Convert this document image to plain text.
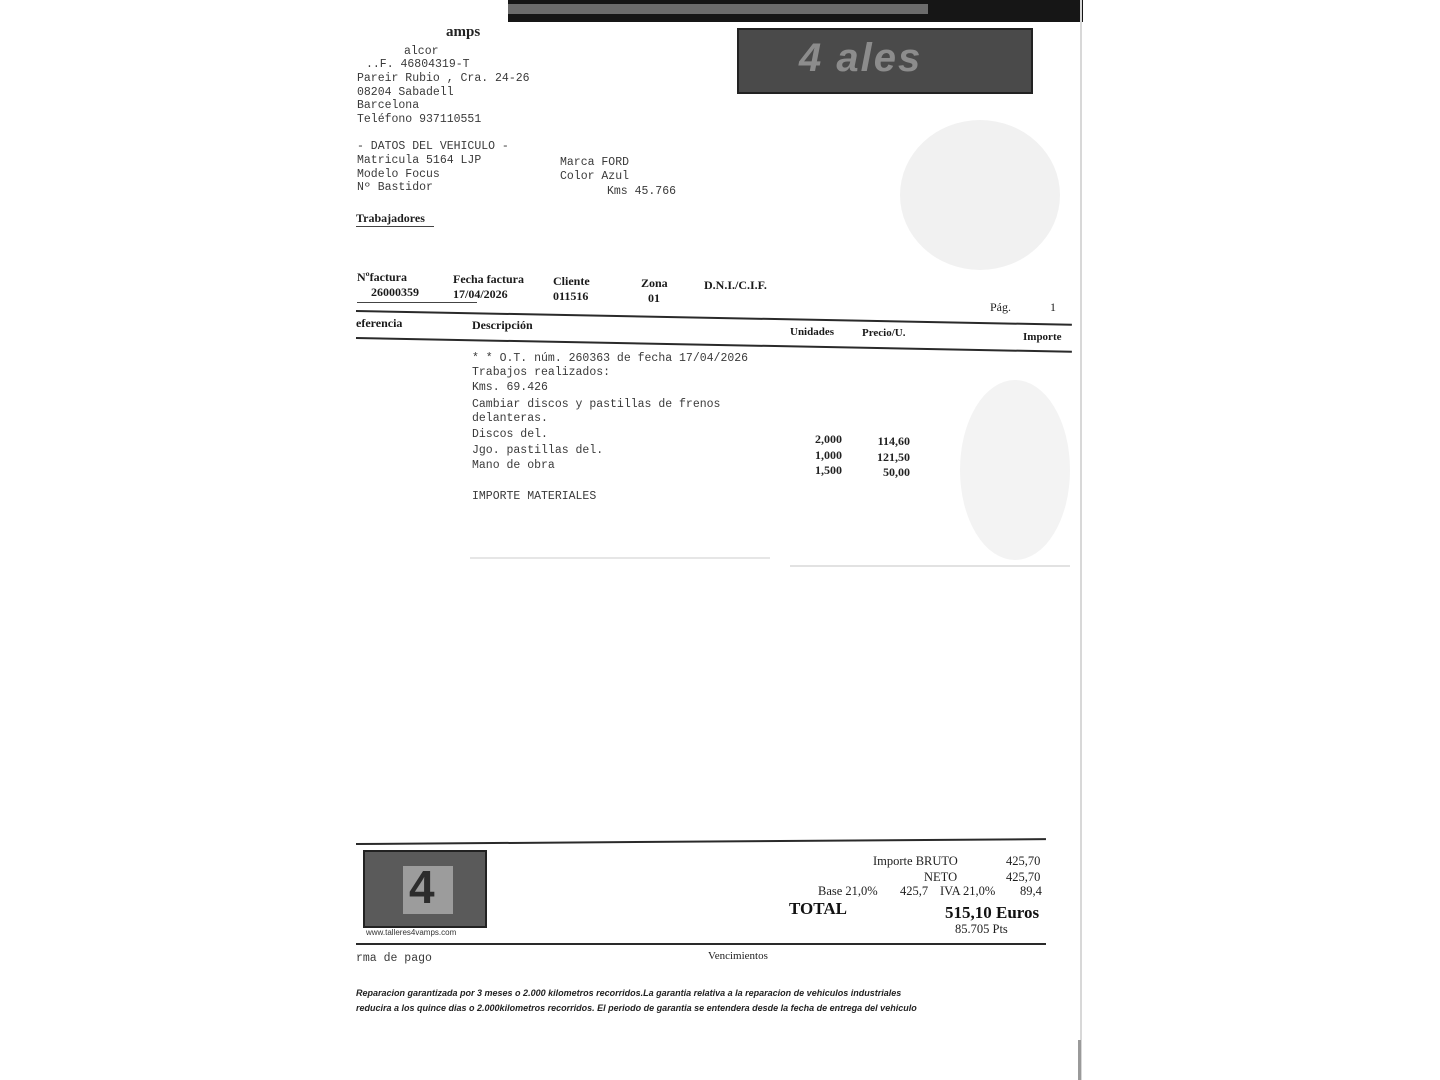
amps
alcor
..F. 46804319-T
Pareir Rubio , Cra. 24-26
08204 Sabadell
Barcelona
Teléfono 937110551
4 ales
- DATOS DEL VEHICULO -
Matricula 5164 LJP
Modelo Focus
Nº Bastidor
Marca FORD
Color Azul
Kms 45.766
Trabajadores
Nºfactura
26000359
Fecha factura
17/04/2026
Cliente
011516
Zona
01
D.N.I./C.I.F.
Pág.	1
eferencia	Descripción	Unidades	Precio/U.	Importe
* * O.T. núm. 260363 de fecha 17/04/2026
Trabajos realizados:
Kms. 69.426
Cambiar discos y pastillas de frenos
delanteras.
Discos del.	2,000	114,60
Jgo. pastillas del.	1,000	121,50
Mano de obra	1,500	50,00
IMPORTE MATERIALES
4
www.talleres4vamps.com
Importe BRUTO	425,70
NETO	425,70
Base 21,0% 425,7 IVA 21,0% 89,4
TOTAL	515,10 Euros
85.705 Pts
rma de pago	Vencimientos
Reparacion garantizada por 3 meses o 2.000 kilometros recorridos.La garantia relativa a la reparacion de vehiculos industriales
reducira a los quince dias o 2.000kilometros recorridos. El periodo de garantia se entendera desde la fecha de entrega del vehiculo
